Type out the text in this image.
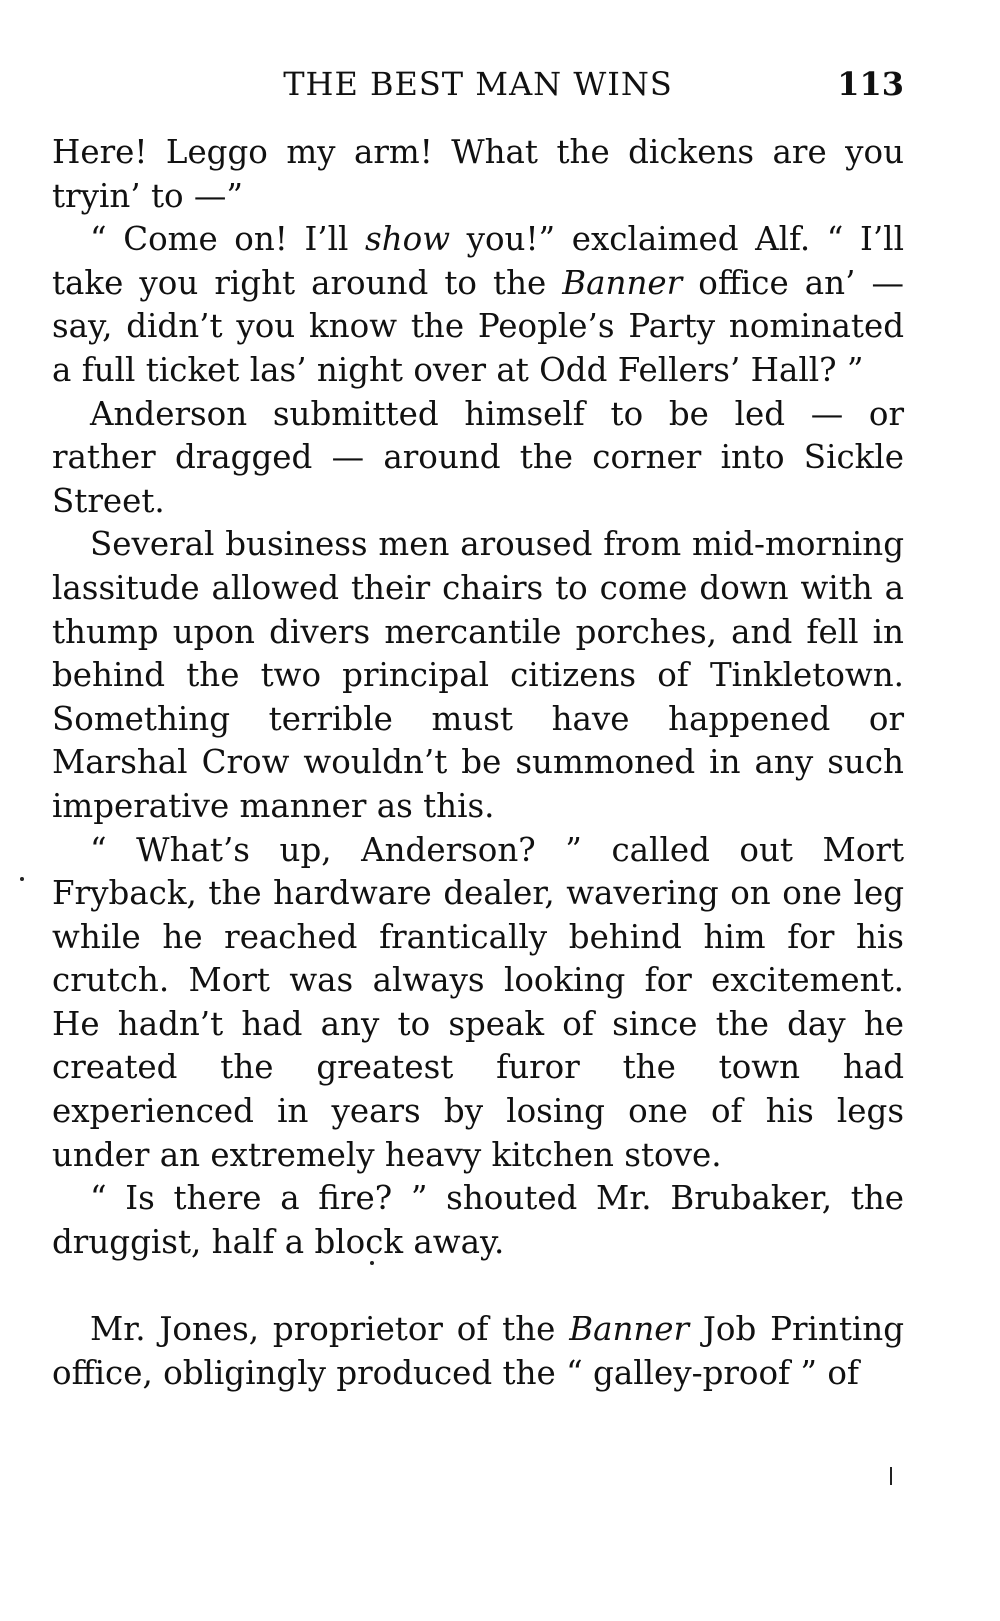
THE BEST MAN WINS	113

Here! Leggo my arm! What the dickens are you tryin’ to —”

“ Come on! I’ll show you!” exclaimed Alf. “ I’ll take you right around to the Banner office an’ — say, didn’t you know the People’s Party nominated a full ticket las’ night over at Odd Fellers’ Hall? ”

Anderson submitted himself to be led — or rather dragged — around the corner into Sickle Street.

Several business men aroused from mid-morning lassitude allowed their chairs to come down with a thump upon divers mercantile porches, and fell in behind the two principal citizens of Tinkletown. Something terrible must have happened or Marshal Crow wouldn’t be summoned in any such imperative manner as this.

“ What’s up, Anderson? ” called out Mort Fryback, the hardware dealer, wavering on one leg while he reached frantically behind him for his crutch. Mort was always looking for excitement. He hadn’t had any to speak of since the day he created the greatest furor the town had experienced in years by losing one of his legs under an extremely heavy kitchen stove.

“ Is there a fire? ” shouted Mr. Brubaker, the druggist, half a block away.

Mr. Jones, proprietor of the Banner Job Printing office, obligingly produced the “ galley-proof ” of
